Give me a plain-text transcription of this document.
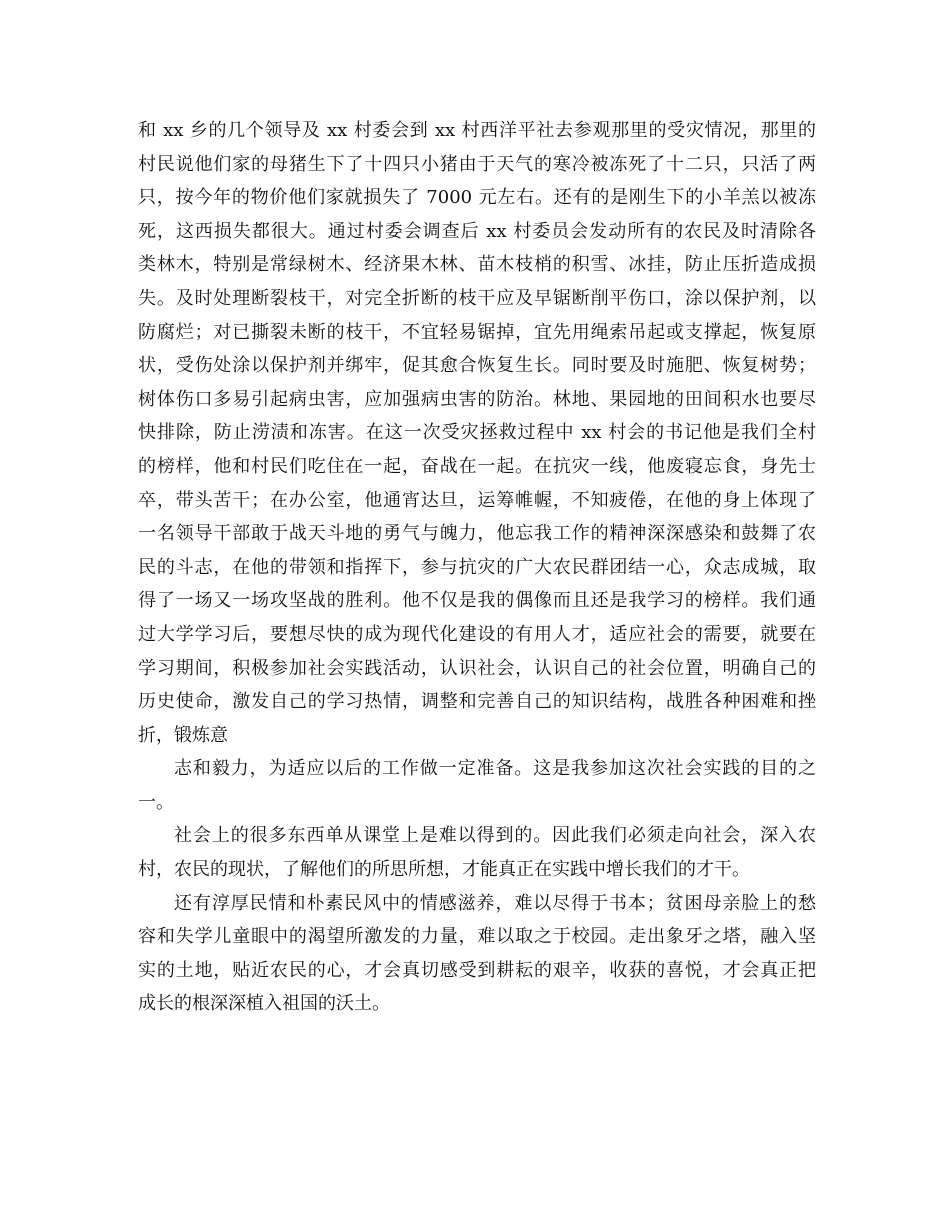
和 xx 乡的几个领导及 xx 村委会到 xx 村西洋平社去参观那里的受灾情况，那里的
村民说他们家的母猪生下了十四只小猪由于天气的寒冷被冻死了十二只，只活了两
只，按今年的物价他们家就损失了 7000 元左右。还有的是刚生下的小羊羔以被冻
死，这西损失都很大。通过村委会调查后 xx 村委员会发动所有的农民及时清除各
类林木，特别是常绿树木、经济果木林、苗木枝梢的积雪、冰挂，防止压折造成损
失。及时处理断裂枝干，对完全折断的枝干应及早锯断削平伤口，涂以保护剂，以
防腐烂；对已撕裂未断的枝干，不宜轻易锯掉，宜先用绳索吊起或支撑起，恢复原
状，受伤处涂以保护剂并绑牢，促其愈合恢复生长。同时要及时施肥、恢复树势；
树体伤口多易引起病虫害，应加强病虫害的防治。林地、果园地的田间积水也要尽
快排除，防止涝渍和冻害。在这一次受灾拯救过程中 xx 村会的书记他是我们全村
的榜样，他和村民们吃住在一起，奋战在一起。在抗灾一线，他废寝忘食，身先士
卒，带头苦干；在办公室，他通宵达旦，运筹帷幄，不知疲倦，在他的身上体现了
一名领导干部敢于战天斗地的勇气与魄力，他忘我工作的精神深深感染和鼓舞了农
民的斗志，在他的带领和指挥下，参与抗灾的广大农民群团结一心，众志成城，取
得了一场又一场攻坚战的胜利。他不仅是我的偶像而且还是我学习的榜样。我们通
过大学学习后，要想尽快的成为现代化建设的有用人才，适应社会的需要，就要在
学习期间，积极参加社会实践活动，认识社会，认识自己的社会位置，明确自己的
历史使命，激发自己的学习热情，调整和完善自己的知识结构，战胜各种困难和挫
折，锻炼意
志和毅力，为适应以后的工作做一定准备。这是我参加这次社会实践的目的之
一。
社会上的很多东西单从课堂上是难以得到的。因此我们必须走向社会，深入农
村，农民的现状，了解他们的所思所想，才能真正在实践中增长我们的才干。
还有淳厚民情和朴素民风中的情感滋养，难以尽得于书本；贫困母亲脸上的愁
容和失学儿童眼中的渴望所激发的力量，难以取之于校园。走出象牙之塔，融入坚
实的土地，贴近农民的心，才会真切感受到耕耘的艰辛，收获的喜悦，才会真正把
成长的根深深植入祖国的沃土。
